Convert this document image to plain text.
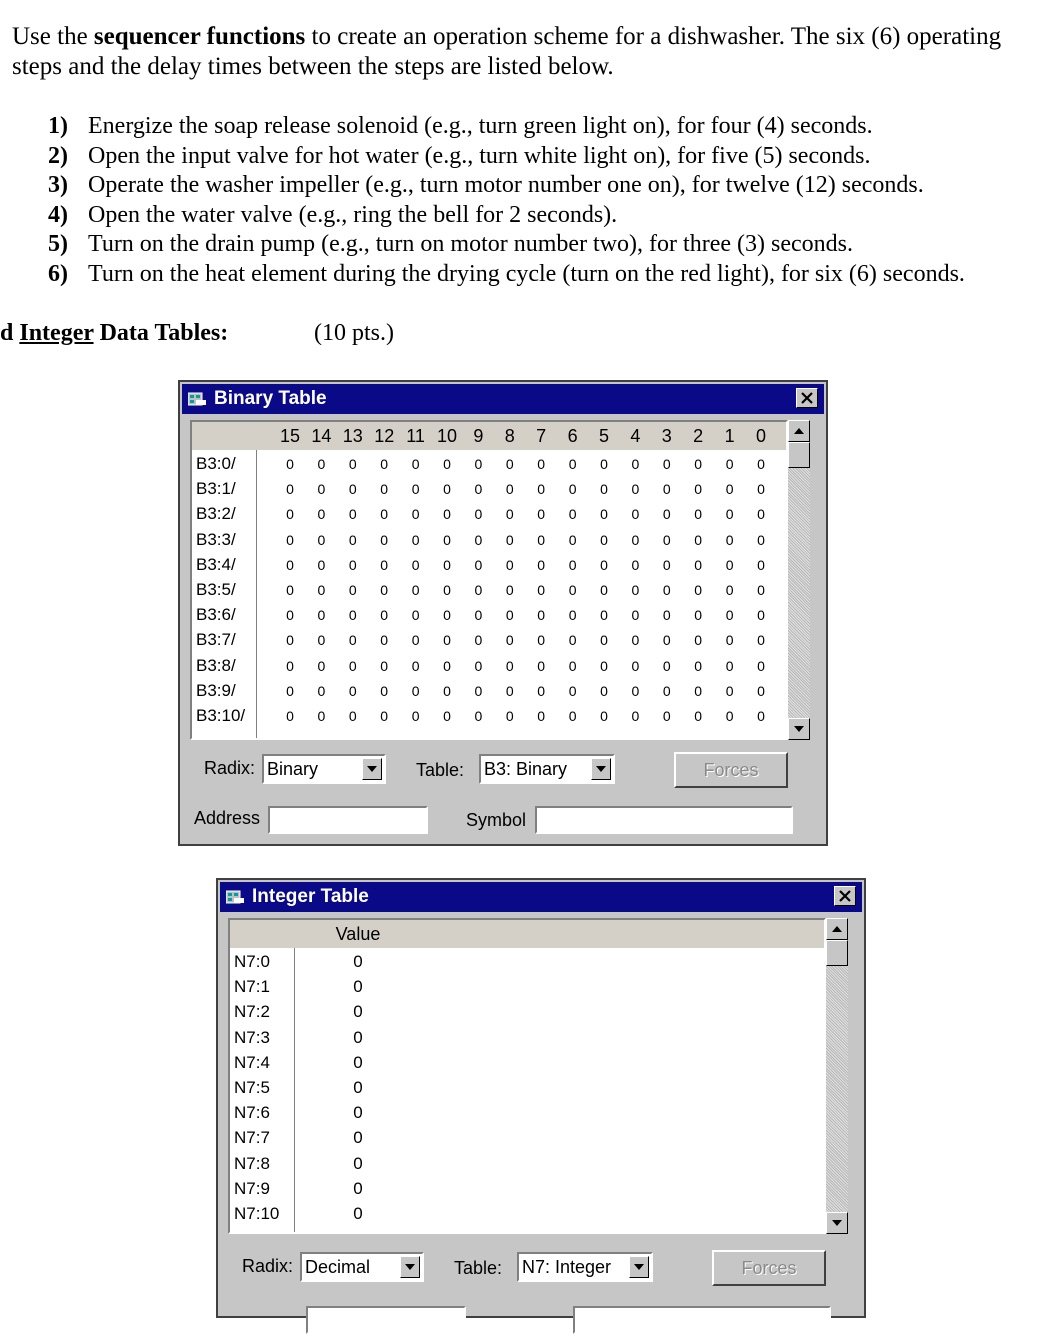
Use the sequencer functions to create an operation scheme for a dishwasher. The six (6) operating steps and the delay times between the steps are listed below.
1) Energize the soap release solenoid (e.g., turn green light on), for four (4) seconds.
2) Open the input valve for hot water (e.g., turn white light on), for five (5) seconds.
3) Operate the washer impeller (e.g., turn motor number one on), for twelve (12) seconds.
4) Open the water valve (e.g., ring the bell for 2 seconds).
5) Turn on the drain pump (e.g., turn on motor number two), for three (3) seconds.
6) Turn on the heat element during the drying cycle (turn on the red light), for six (6) seconds.
d Integer Data Tables:	(10 pts.)
Binary Table
15 14 13 12 11 10 9 8 7 6 5 4 3 2 1 0
B3:0/	0	0	0	0	0	0	0	0	0	0	0	0	0	0	0	0
B3:1/	0	0	0	0	0	0	0	0	0	0	0	0	0	0	0	0
B3:2/	0	0	0	0	0	0	0	0	0	0	0	0	0	0	0	0
B3:3/	0	0	0	0	0	0	0	0	0	0	0	0	0	0	0	0
B3:4/	0	0	0	0	0	0	0	0	0	0	0	0	0	0	0	0
B3:5/	0	0	0	0	0	0	0	0	0	0	0	0	0	0	0	0
B3:6/	0	0	0	0	0	0	0	0	0	0	0	0	0	0	0	0
B3:7/	0	0	0	0	0	0	0	0	0	0	0	0	0	0	0	0
B3:8/	0	0	0	0	0	0	0	0	0	0	0	0	0	0	0	0
B3:9/	0	0	0	0	0	0	0	0	0	0	0	0	0	0	0	0
B3:10/	0	0	0	0	0	0	0	0	0	0	0	0	0	0	0	0
Radix: Binary	Table: B3: Binary	Forces
Address	Symbol
Integer Table
Value
N7:0	0
N7:1	0
N7:2	0
N7:3	0
N7:4	0
N7:5	0
N7:6	0
N7:7	0
N7:8	0
N7:9	0
N7:10	0
Radix: Decimal	Table: N7: Integer	Forces
